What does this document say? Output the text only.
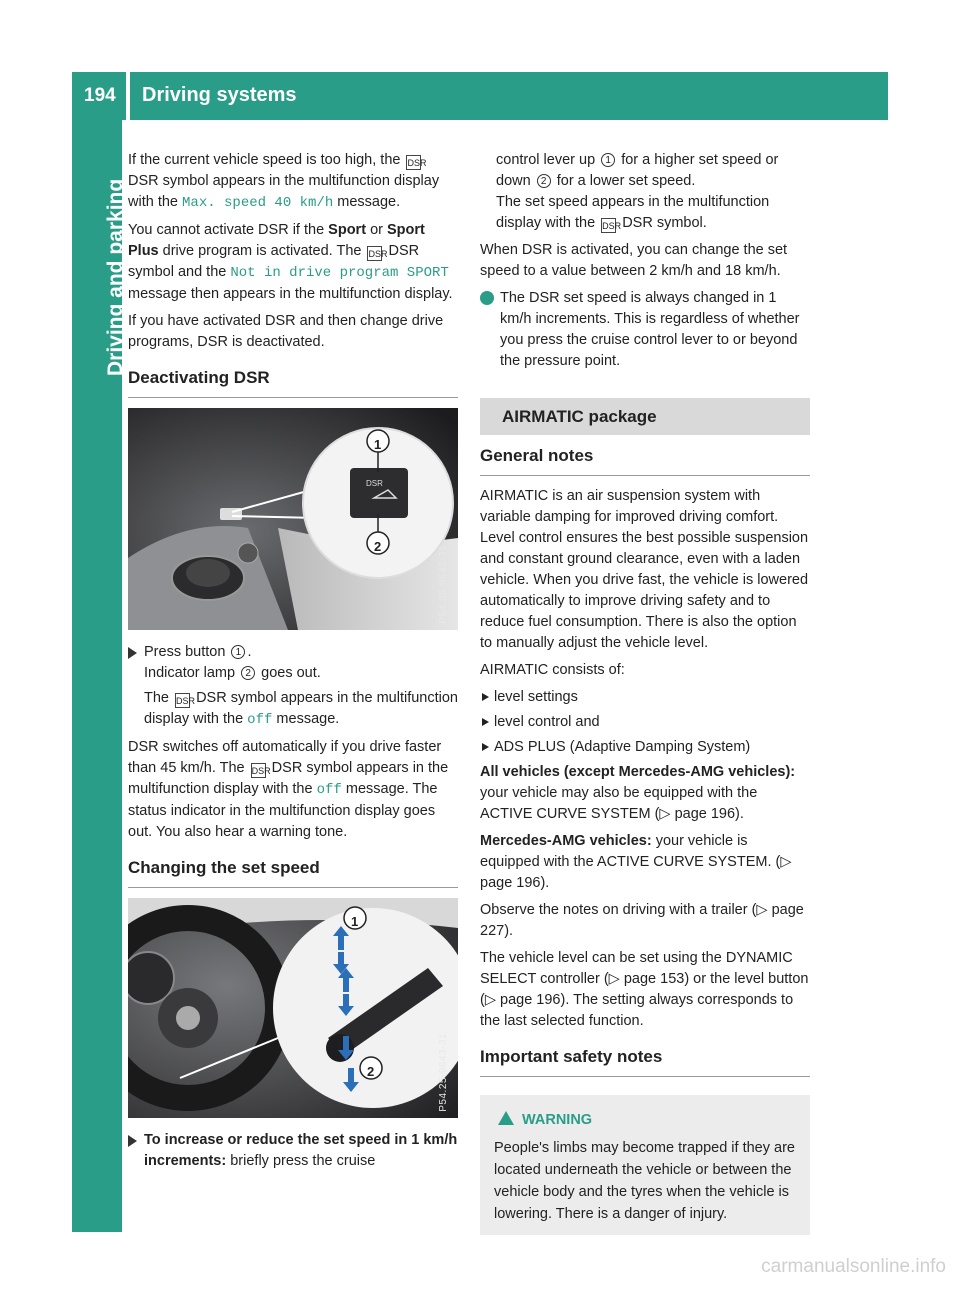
194 Driving systems
Driving and parking

If the current vehicle speed is too high, the DSR DSR symbol appears in the multifunction display with the Max. speed 40 km/h message.

You cannot activate DSR if the Sport or Sport Plus drive program is activated. The DSR DSR symbol and the Not in drive program SPORT message then appears in the multifunction display.

If you have activated DSR and then change drive programs, DSR is deactivated.

Deactivating DSR
DSR
1
2	P54.25-9642-31

Press button 1 .
Indicator lamp 2 goes out.

The DSR DSR symbol appears in the multifunction display with the off message.

DSR switches off automatically if you drive faster than 45 km/h. The DSR DSR symbol appears in the multifunction display with the off message. The status indicator in the multifunction display goes out. You also hear a warning tone.

Changing the set speed
1
2	P54.25-9643-31

To increase or reduce the set speed in 1 km/h increments: briefly press the cruise

control lever up 1 for a higher set speed or down 2 for a lower set speed.
The set speed appears in the multifunction display with the DSR DSR symbol.

When DSR is activated, you can change the set speed to a value between 2 km/h and 18 km/h.

i The DSR set speed is always changed in 1 km/h increments. This is regardless of whether you press the cruise control lever to or beyond the pressure point.

AIRMATIC package
General notes

AIRMATIC is an air suspension system with variable damping for improved driving comfort. Level control ensures the best possible suspension and constant ground clearance, even with a laden vehicle. When you drive fast, the vehicle is lowered automatically to improve driving safety and to reduce fuel consumption. There is also the option to manually adjust the vehicle level.

AIRMATIC consists of:

level settings

level control and

ADS PLUS (Adaptive Damping System)

All vehicles (except Mercedes-AMG vehicles): your vehicle may also be equipped with the ACTIVE CURVE SYSTEM (▷ page 196).

Mercedes-AMG vehicles: your vehicle is equipped with the ACTIVE CURVE SYSTEM. (▷ page 196).

Observe the notes on driving with a trailer (▷ page 227).

The vehicle level can be set using the DYNAMIC SELECT controller (▷ page 153) or the level button (▷ page 196). The setting always corresponds to the last selected function.

Important safety notes
WARNING
People's limbs may become trapped if they are located underneath the vehicle or between the vehicle body and the tyres when the vehicle is lowering. There is a danger of injury.
carmanualsonline.info
